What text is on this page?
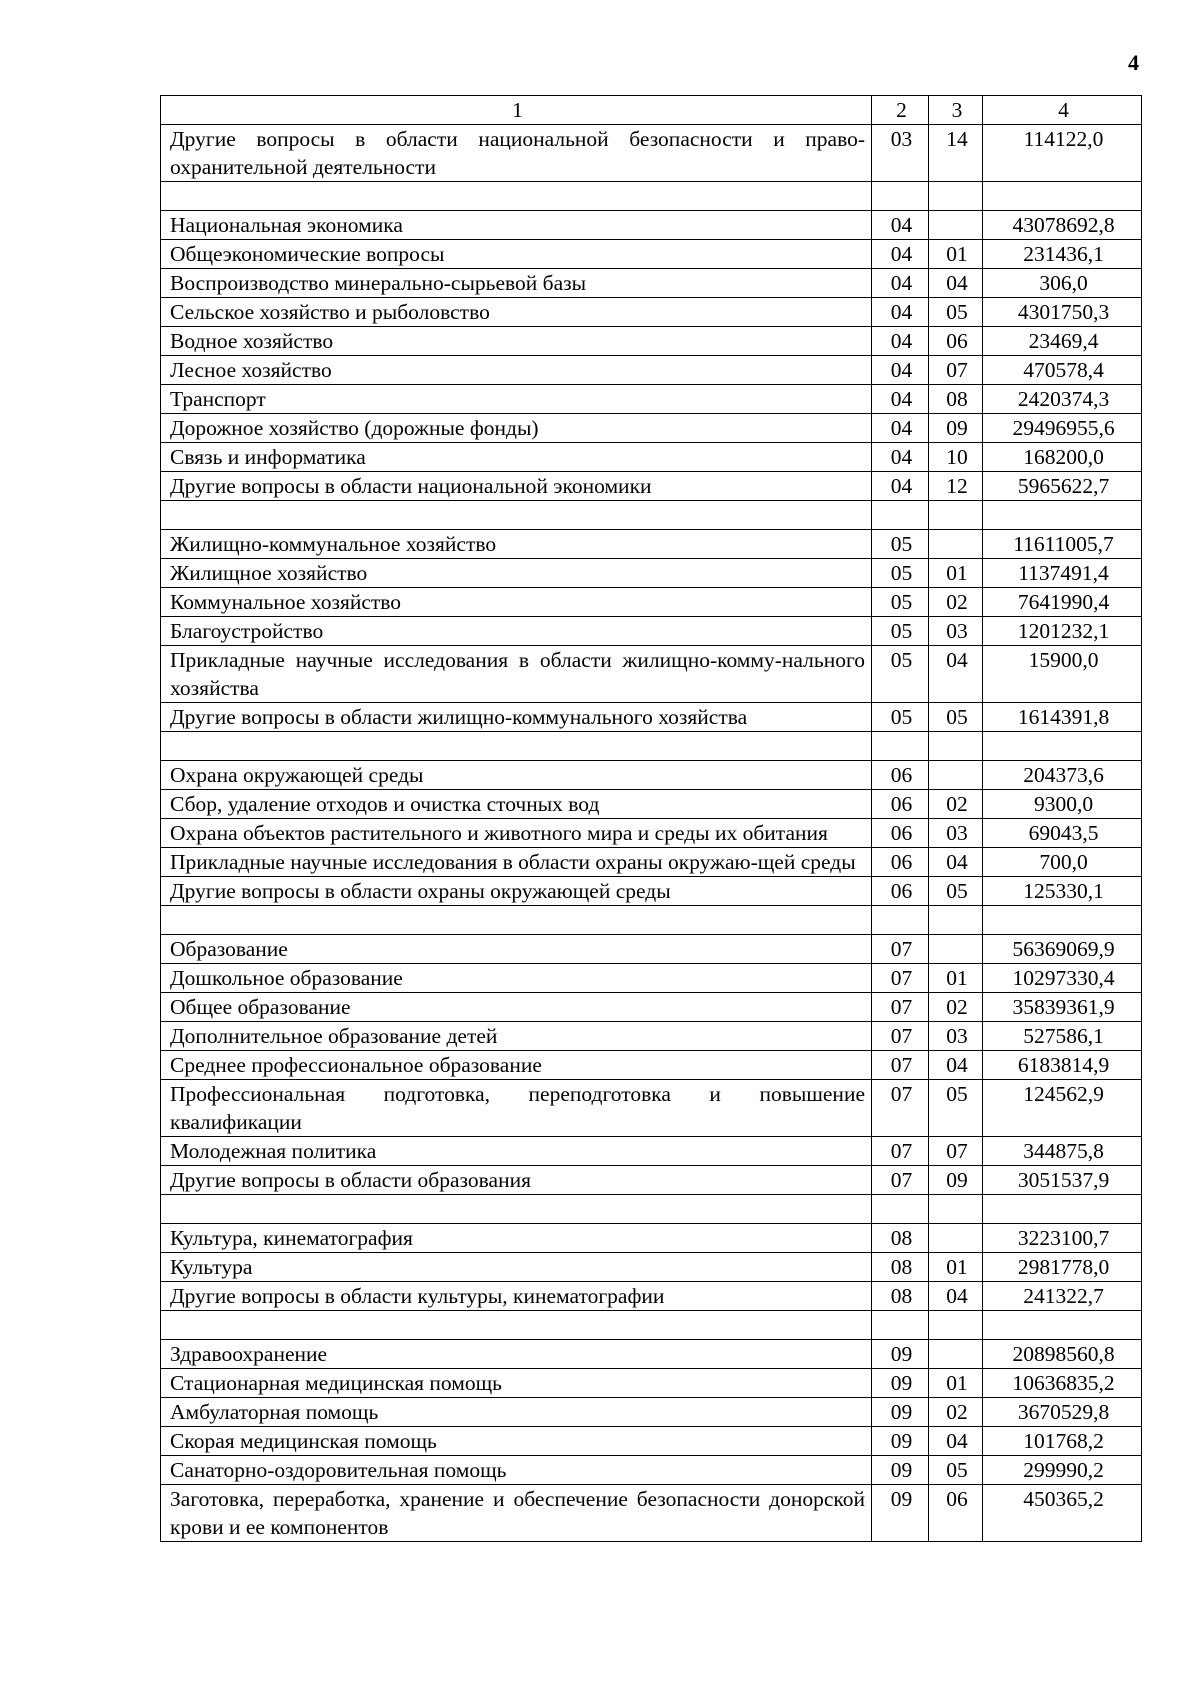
4
1	2	3	4
Другие вопросы в области национальной безопасности и право-охранительной деятельности	03	14	114122,0

Национальная экономика	04		43078692,8
Общеэкономические вопросы	04	01	231436,1
Воспроизводство минерально-сырьевой базы	04	04	306,0
Сельское хозяйство и рыболовство	04	05	4301750,3
Водное хозяйство	04	06	23469,4
Лесное хозяйство	04	07	470578,4
Транспорт	04	08	2420374,3
Дорожное хозяйство (дорожные фонды)	04	09	29496955,6
Связь и информатика	04	10	168200,0
Другие вопросы в области национальной экономики	04	12	5965622,7

Жилищно-коммунальное хозяйство	05		11611005,7
Жилищное хозяйство	05	01	1137491,4
Коммунальное хозяйство	05	02	7641990,4
Благоустройство	05	03	1201232,1
Прикладные научные исследования в области жилищно-комму-нального хозяйства	05	04	15900,0
Другие вопросы в области жилищно-коммунального хозяйства	05	05	1614391,8

Охрана окружающей среды	06		204373,6
Сбор, удаление отходов и очистка сточных вод	06	02	9300,0
Охрана объектов растительного и животного мира и среды их обитания	06	03	69043,5
Прикладные научные исследования в области охраны окружаю-щей среды	06	04	700,0
Другие вопросы в области охраны окружающей среды	06	05	125330,1

Образование	07		56369069,9
Дошкольное образование	07	01	10297330,4
Общее образование	07	02	35839361,9
Дополнительное образование детей	07	03	527586,1
Среднее профессиональное образование	07	04	6183814,9
Профессиональная подготовка, переподготовка и повышение квалификации	07	05	124562,9
Молодежная политика	07	07	344875,8
Другие вопросы в области образования	07	09	3051537,9

Культура, кинематография	08		3223100,7
Культура	08	01	2981778,0
Другие вопросы в области культуры, кинематографии	08	04	241322,7

Здравоохранение	09		20898560,8
Стационарная медицинская помощь	09	01	10636835,2
Амбулаторная помощь	09	02	3670529,8
Скорая медицинская помощь	09	04	101768,2
Санаторно-оздоровительная помощь	09	05	299990,2
Заготовка, переработка, хранение и обеспечение безопасности донорской крови и ее компонентов	09	06	450365,2
